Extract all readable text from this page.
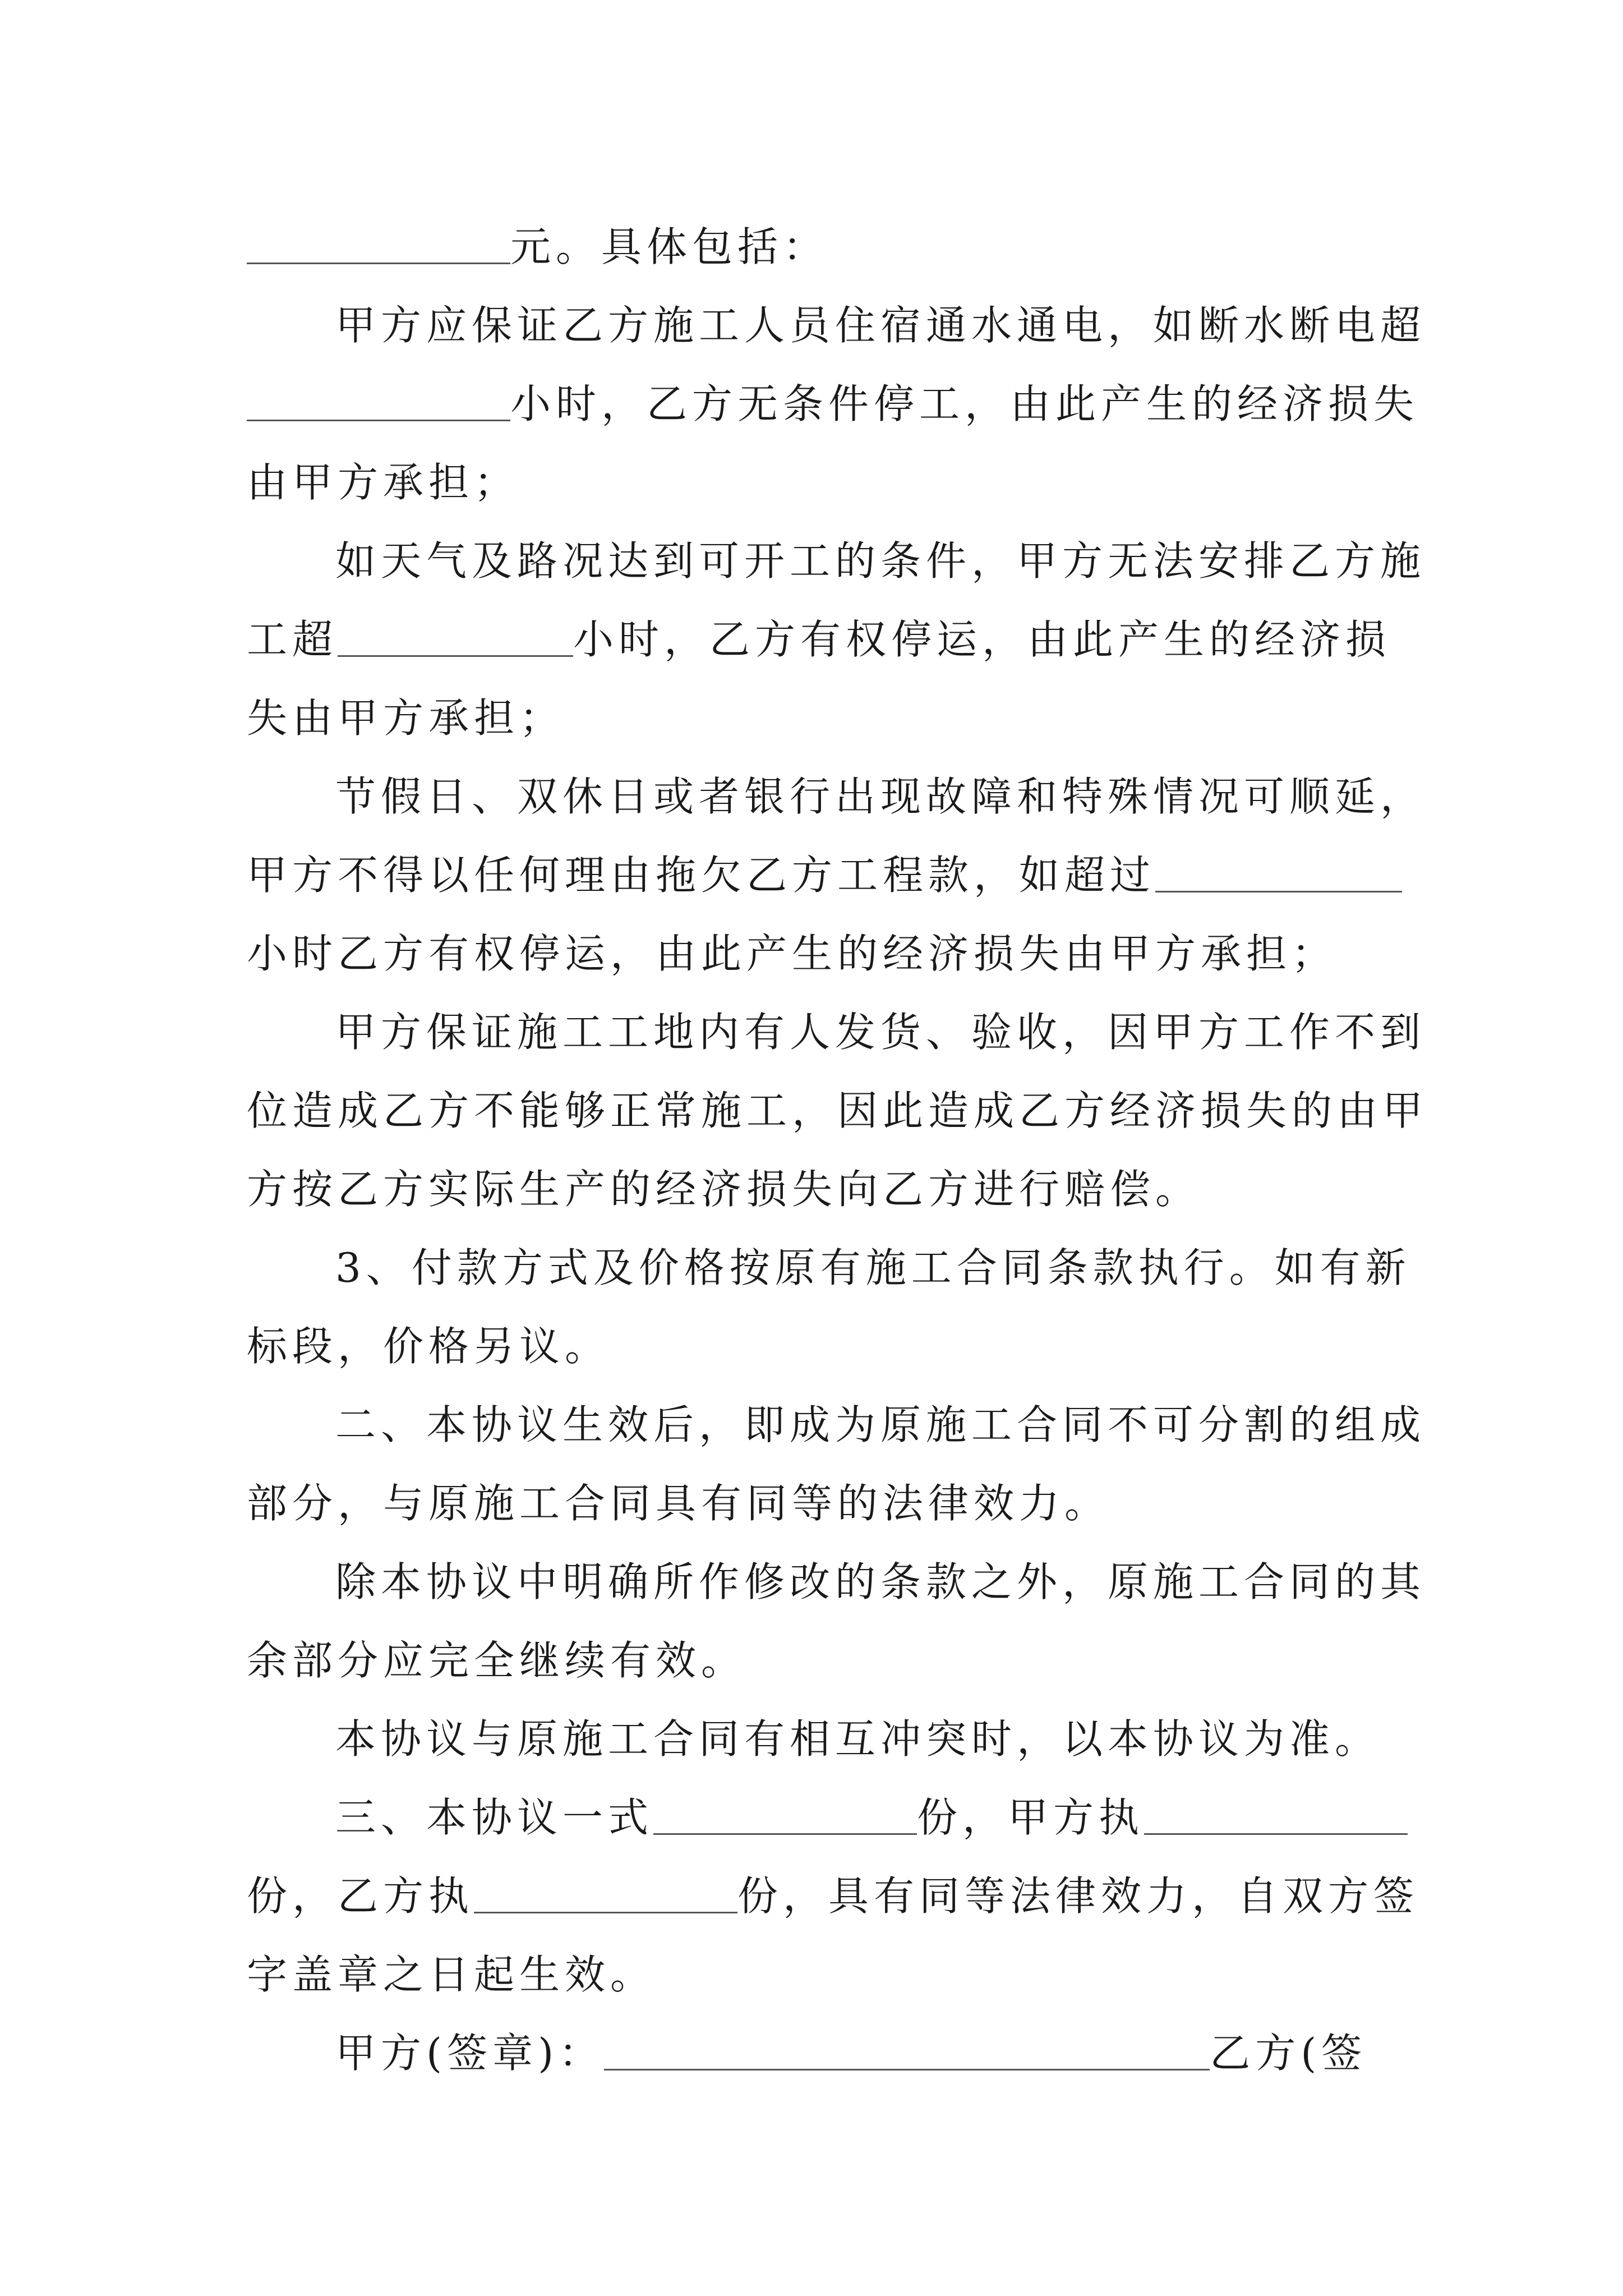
元。具体包括：
甲方应保证乙方施工人员住宿通水通电，如断水断电超
小时，乙方无条件停工，由此产生的经济损失
由甲方承担；
如天气及路况达到可开工的条件，甲方无法安排乙方施
工超	小时，乙方有权停运，由此产生的经济损
失由甲方承担；
节假日、双休日或者银行出现故障和特殊情况可顺延，
甲方不得以任何理由拖欠乙方工程款，如超过
小时乙方有权停运，由此产生的经济损失由甲方承担；
甲方保证施工工地内有人发货、验收，因甲方工作不到
位造成乙方不能够正常施工，因此造成乙方经济损失的由甲
方按乙方实际生产的经济损失向乙方进行赔偿。
3、付款方式及价格按原有施工合同条款执行。如有新
标段，价格另议。
二、本协议生效后，即成为原施工合同不可分割的组成
部分，与原施工合同具有同等的法律效力。
除本协议中明确所作修改的条款之外，原施工合同的其
余部分应完全继续有效。
本协议与原施工合同有相互冲突时，以本协议为准。
三、本协议一式	份，甲方执
份，乙方执	份，具有同等法律效力，自双方签
字盖章之日起生效。
甲方(签章)：	乙方(签
